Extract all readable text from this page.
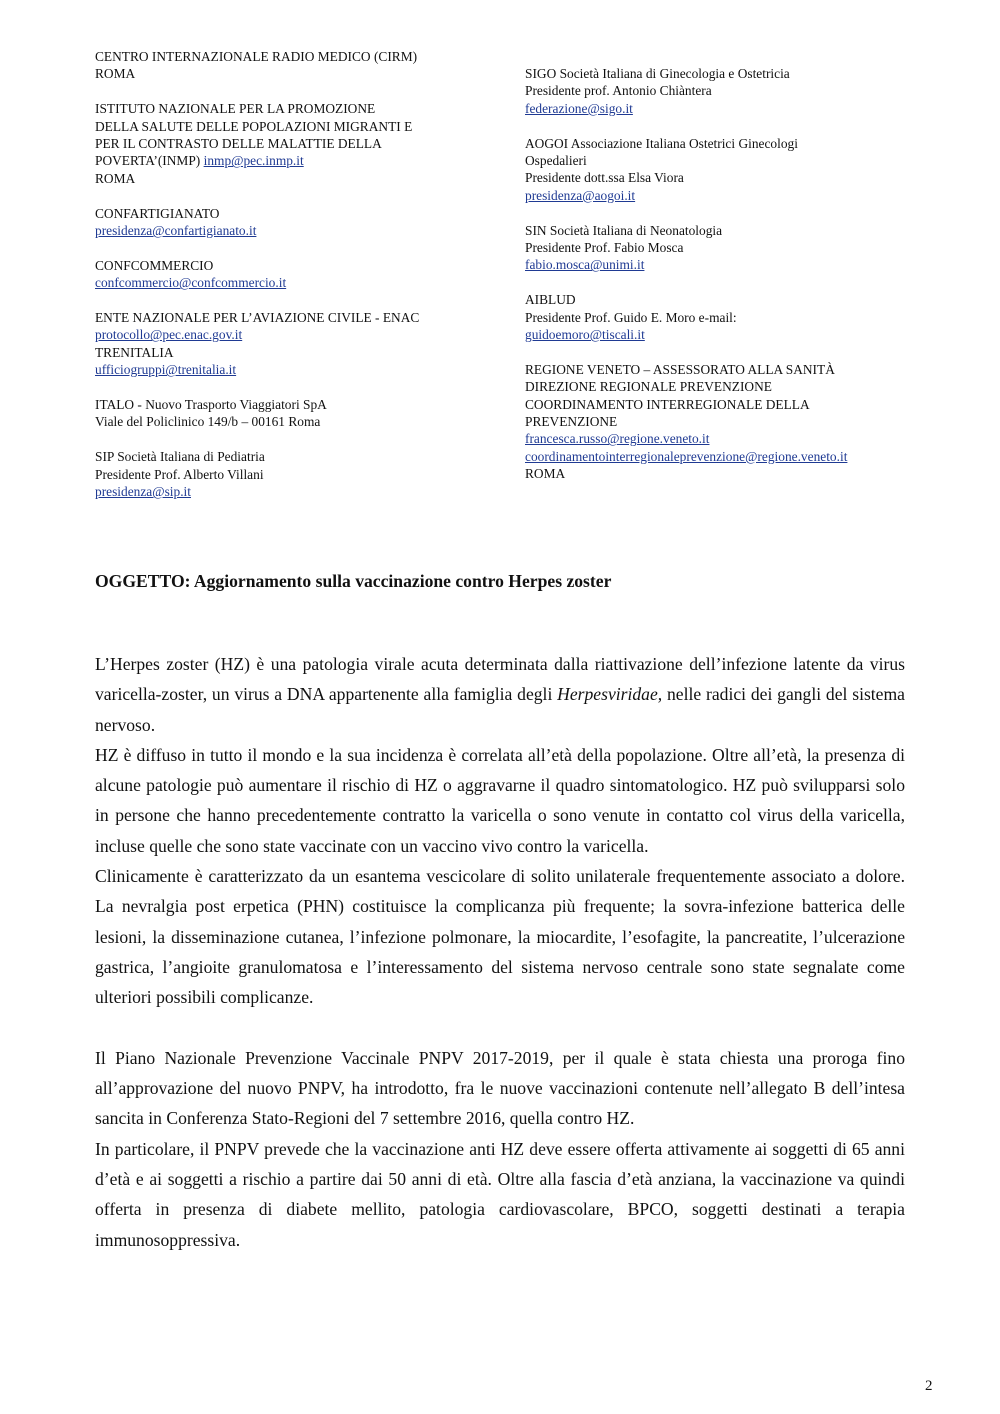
CENTRO INTERNAZIONALE RADIO MEDICO (CIRM)
ROMA
ISTITUTO NAZIONALE PER LA PROMOZIONE
DELLA SALUTE DELLE POPOLAZIONI MIGRANTI E
PER IL CONTRASTO DELLE MALATTIE DELLA
POVERTA’(INMP) inmp@pec.inmp.it
ROMA
CONFARTIGIANATO
presidenza@confartigianato.it
CONFCOMMERCIO
confcommercio@confcommercio.it
ENTE NAZIONALE PER L’AVIAZIONE CIVILE - ENAC
protocollo@pec.enac.gov.it
TRENITALIA
ufficiogruppi@trenitalia.it
ITALO - Nuovo Trasporto Viaggiatori SpA
Viale del Policlinico 149/b – 00161 Roma
SIP Società Italiana di Pediatria
Presidente Prof. Alberto Villani
presidenza@sip.it
SIGO Società Italiana di Ginecologia e Ostetricia
Presidente prof. Antonio Chiàntera
federazione@sigo.it
AOGOI Associazione Italiana Ostetrici Ginecologi
Ospedalieri
Presidente dott.ssa Elsa Viora
presidenza@aogoi.it
SIN Società Italiana di Neonatologia
Presidente Prof. Fabio Mosca
fabio.mosca@unimi.it
AIBLUD
Presidente Prof. Guido E. Moro e-mail:
guidoemoro@tiscali.it
REGIONE VENETO – ASSESSORATO ALLA SANITÀ
DIREZIONE REGIONALE PREVENZIONE
COORDINAMENTO INTERREGIONALE DELLA
PREVENZIONE
francesca.russo@regione.veneto.it
coordinamentointerregionaleprevenzione@regione.veneto.it
ROMA
OGGETTO: Aggiornamento sulla vaccinazione contro Herpes zoster

L’Herpes zoster (HZ) è una patologia virale acuta determinata dalla riattivazione dell’infezione latente da virus varicella-zoster, un virus a DNA appartenente alla famiglia degli Herpesviridae, nelle radici dei gangli del sistema nervoso.

HZ è diffuso in tutto il mondo e la sua incidenza è correlata all’età della popolazione. Oltre all’età, la presenza di alcune patologie può aumentare il rischio di HZ o aggravarne il quadro sintomatologico. HZ può svilupparsi solo in persone che hanno precedentemente contratto la varicella o sono venute in contatto col virus della varicella, incluse quelle che sono state vaccinate con un vaccino vivo contro la varicella.

Clinicamente è caratterizzato da un esantema vescicolare di solito unilaterale frequentemente associato a dolore. La nevralgia post erpetica (PHN) costituisce la complicanza più frequente; la sovra-infezione batterica delle lesioni, la disseminazione cutanea, l’infezione polmonare, la miocardite, l’esofagite, la pancreatite, l’ulcerazione gastrica, l’angioite granulomatosa e l’interessamento del sistema nervoso centrale sono state segnalate come ulteriori possibili complicanze.

Il Piano Nazionale Prevenzione Vaccinale PNPV 2017-2019, per il quale è stata chiesta una proroga fino all’approvazione del nuovo PNPV, ha introdotto, fra le nuove vaccinazioni contenute nell’allegato B dell’intesa sancita in Conferenza Stato-Regioni del 7 settembre 2016, quella contro HZ.

In particolare, il PNPV prevede che la vaccinazione anti HZ deve essere offerta attivamente ai soggetti di 65 anni d’età e ai soggetti a rischio a partire dai 50 anni di età. Oltre alla fascia d’età anziana, la vaccinazione va quindi offerta in presenza di diabete mellito, patologia cardiovascolare, BPCO, soggetti destinati a terapia immunosoppressiva.

2
